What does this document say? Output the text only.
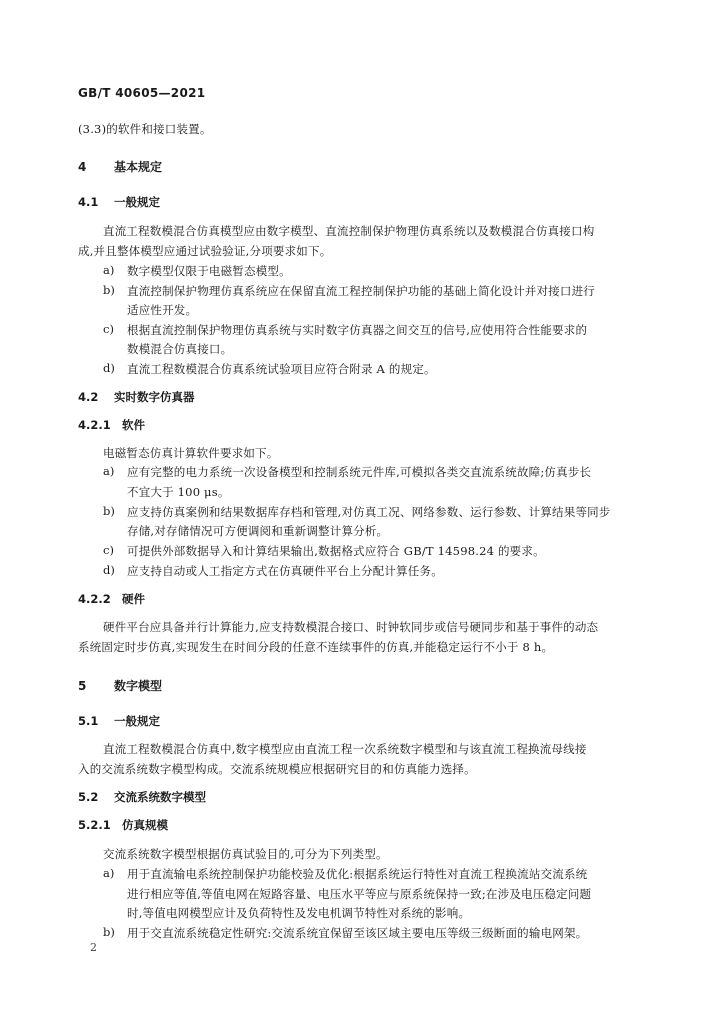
GB/T 40605—2021
(3.3)的软件和接口装置。
4 基本规定
4.1 一般规定
直流工程数模混合仿真模型应由数字模型、直流控制保护物理仿真系统以及数模混合仿真接口构
成,并且整体模型应通过试验验证,分项要求如下。
a) 数字模型仅限于电磁暂态模型。
b) 直流控制保护物理仿真系统应在保留直流工程控制保护功能的基础上简化设计并对接口进行
适应性开发。
c) 根据直流控制保护物理仿真系统与实时数字仿真器之间交互的信号,应使用符合性能要求的
数模混合仿真接口。
d) 直流工程数模混合仿真系统试验项目应符合附录 A 的规定。
4.2 实时数字仿真器
4.2.1 软件
电磁暂态仿真计算软件要求如下。
a) 应有完整的电力系统一次设备模型和控制系统元件库,可模拟各类交直流系统故障;仿真步长
不宜大于 100 μs。
b) 应支持仿真案例和结果数据库存档和管理,对仿真工况、网络参数、运行参数、计算结果等同步
存储,对存储情况可方便调阅和重新调整计算分析。
c) 可提供外部数据导入和计算结果输出,数据格式应符合 GB/T 14598.24 的要求。
d) 应支持自动或人工指定方式在仿真硬件平台上分配计算任务。
4.2.2 硬件
硬件平台应具备并行计算能力,应支持数模混合接口、时钟软同步或信号硬同步和基于事件的动态
系统固定时步仿真,实现发生在时间分段的任意不连续事件的仿真,并能稳定运行不小于 8 h。
5 数字模型
5.1 一般规定
直流工程数模混合仿真中,数字模型应由直流工程一次系统数字模型和与该直流工程换流母线接
入的交流系统数字模型构成。交流系统规模应根据研究目的和仿真能力选择。
5.2 交流系统数字模型
5.2.1 仿真规模
交流系统数字模型根据仿真试验目的,可分为下列类型。
a) 用于直流输电系统控制保护功能校验及优化:根据系统运行特性对直流工程换流站交流系统
进行相应等值,等值电网在短路容量、电压水平等应与原系统保持一致;在涉及电压稳定问题
时,等值电网模型应计及负荷特性及发电机调节特性对系统的影响。
b) 用于交直流系统稳定性研究:交流系统宜保留至该区域主要电压等级三级断面的输电网架。
2
